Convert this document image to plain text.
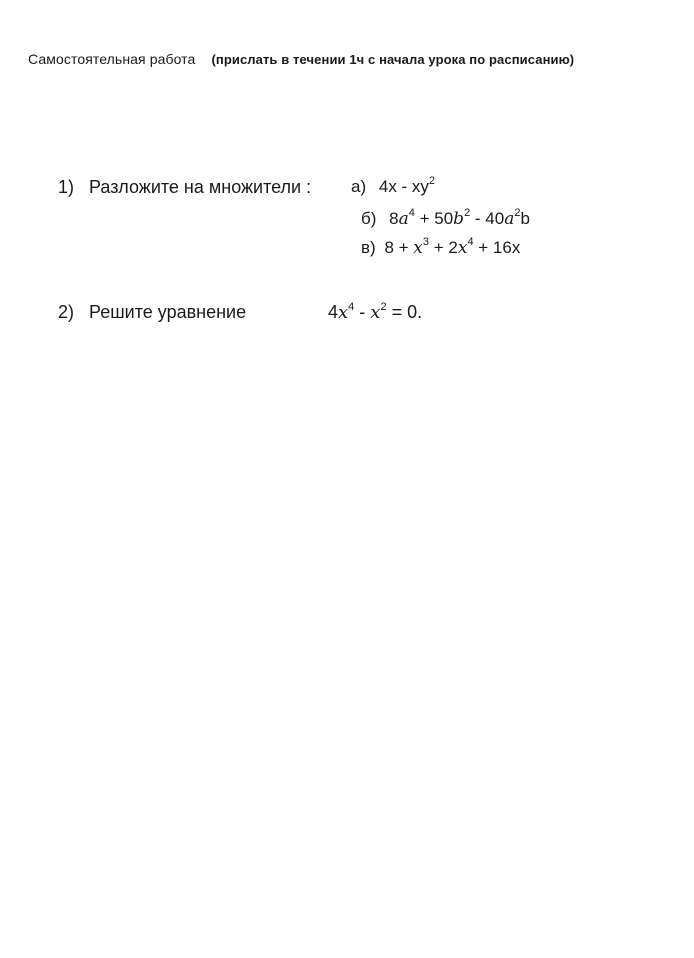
Самостоятельная работа (прислать в течении 1ч с начала урока по расписанию)
1) Разложите на множители : а) $4x - xy^2$
б) $8a^4 + 50b^2 - 40a^2b$
в) $8 + x^3 + 2x^4 + 16x$
2) Решите уравнение	$4x^4 - x^2 = 0$.
